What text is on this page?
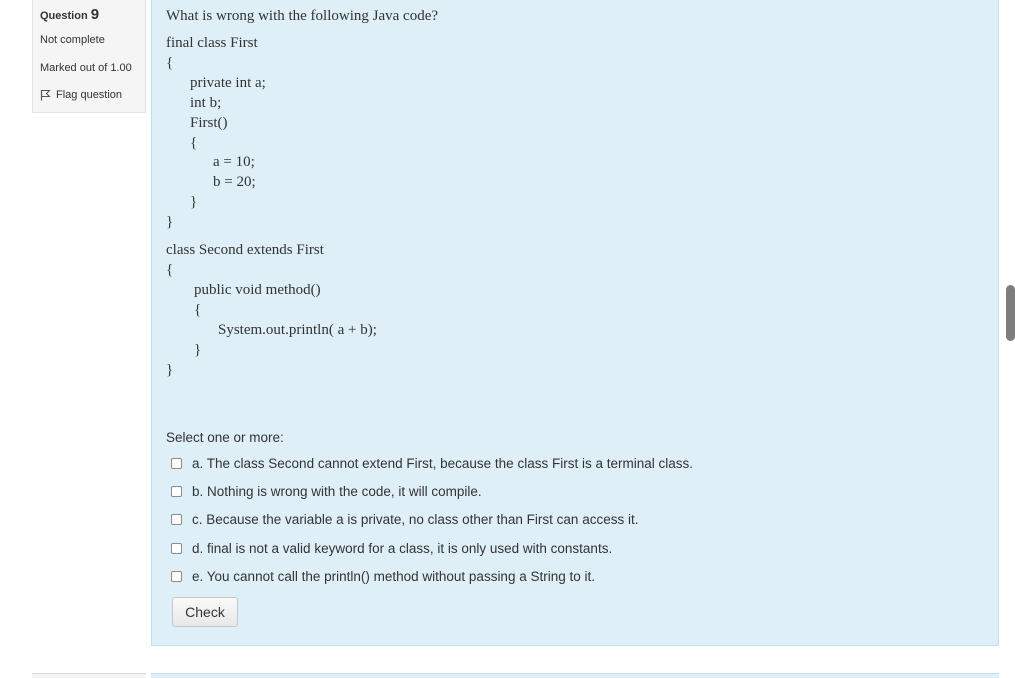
Question 9
Not complete
Marked out of 1.00
Flag question
What is wrong with the following Java code?
final class First
{
private int a;
int b;
First()
{
a = 10;
b = 20;
}
}
class Second extends First
{
public void method()
{
System.out.println( a + b);
}
}
Select one or more:
a. The class Second cannot extend First, because the class First is a terminal class.
b. Nothing is wrong with the code, it will compile.
c. Because the variable a is private, no class other than First can access it.
d. final is not a valid keyword for a class, it is only used with constants.
e. You cannot call the println() method without passing a String to it.
Check
